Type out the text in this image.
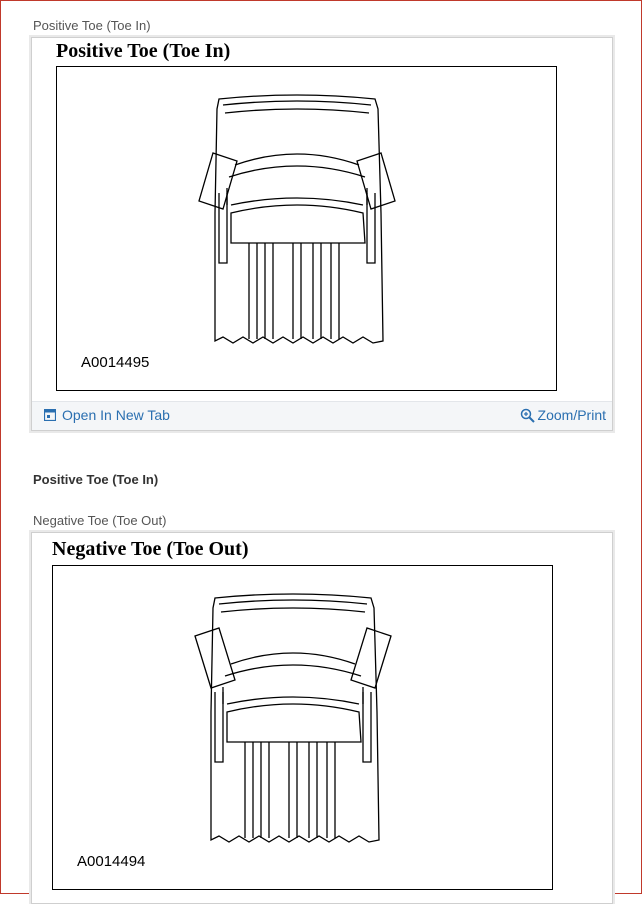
Positive Toe (Toe In)
Positive Toe (Toe In)
A0014495
Open In New Tab	Zoom/Print
Positive Toe (Toe In)
Negative Toe (Toe Out)
Negative Toe (Toe Out)
A0014494
